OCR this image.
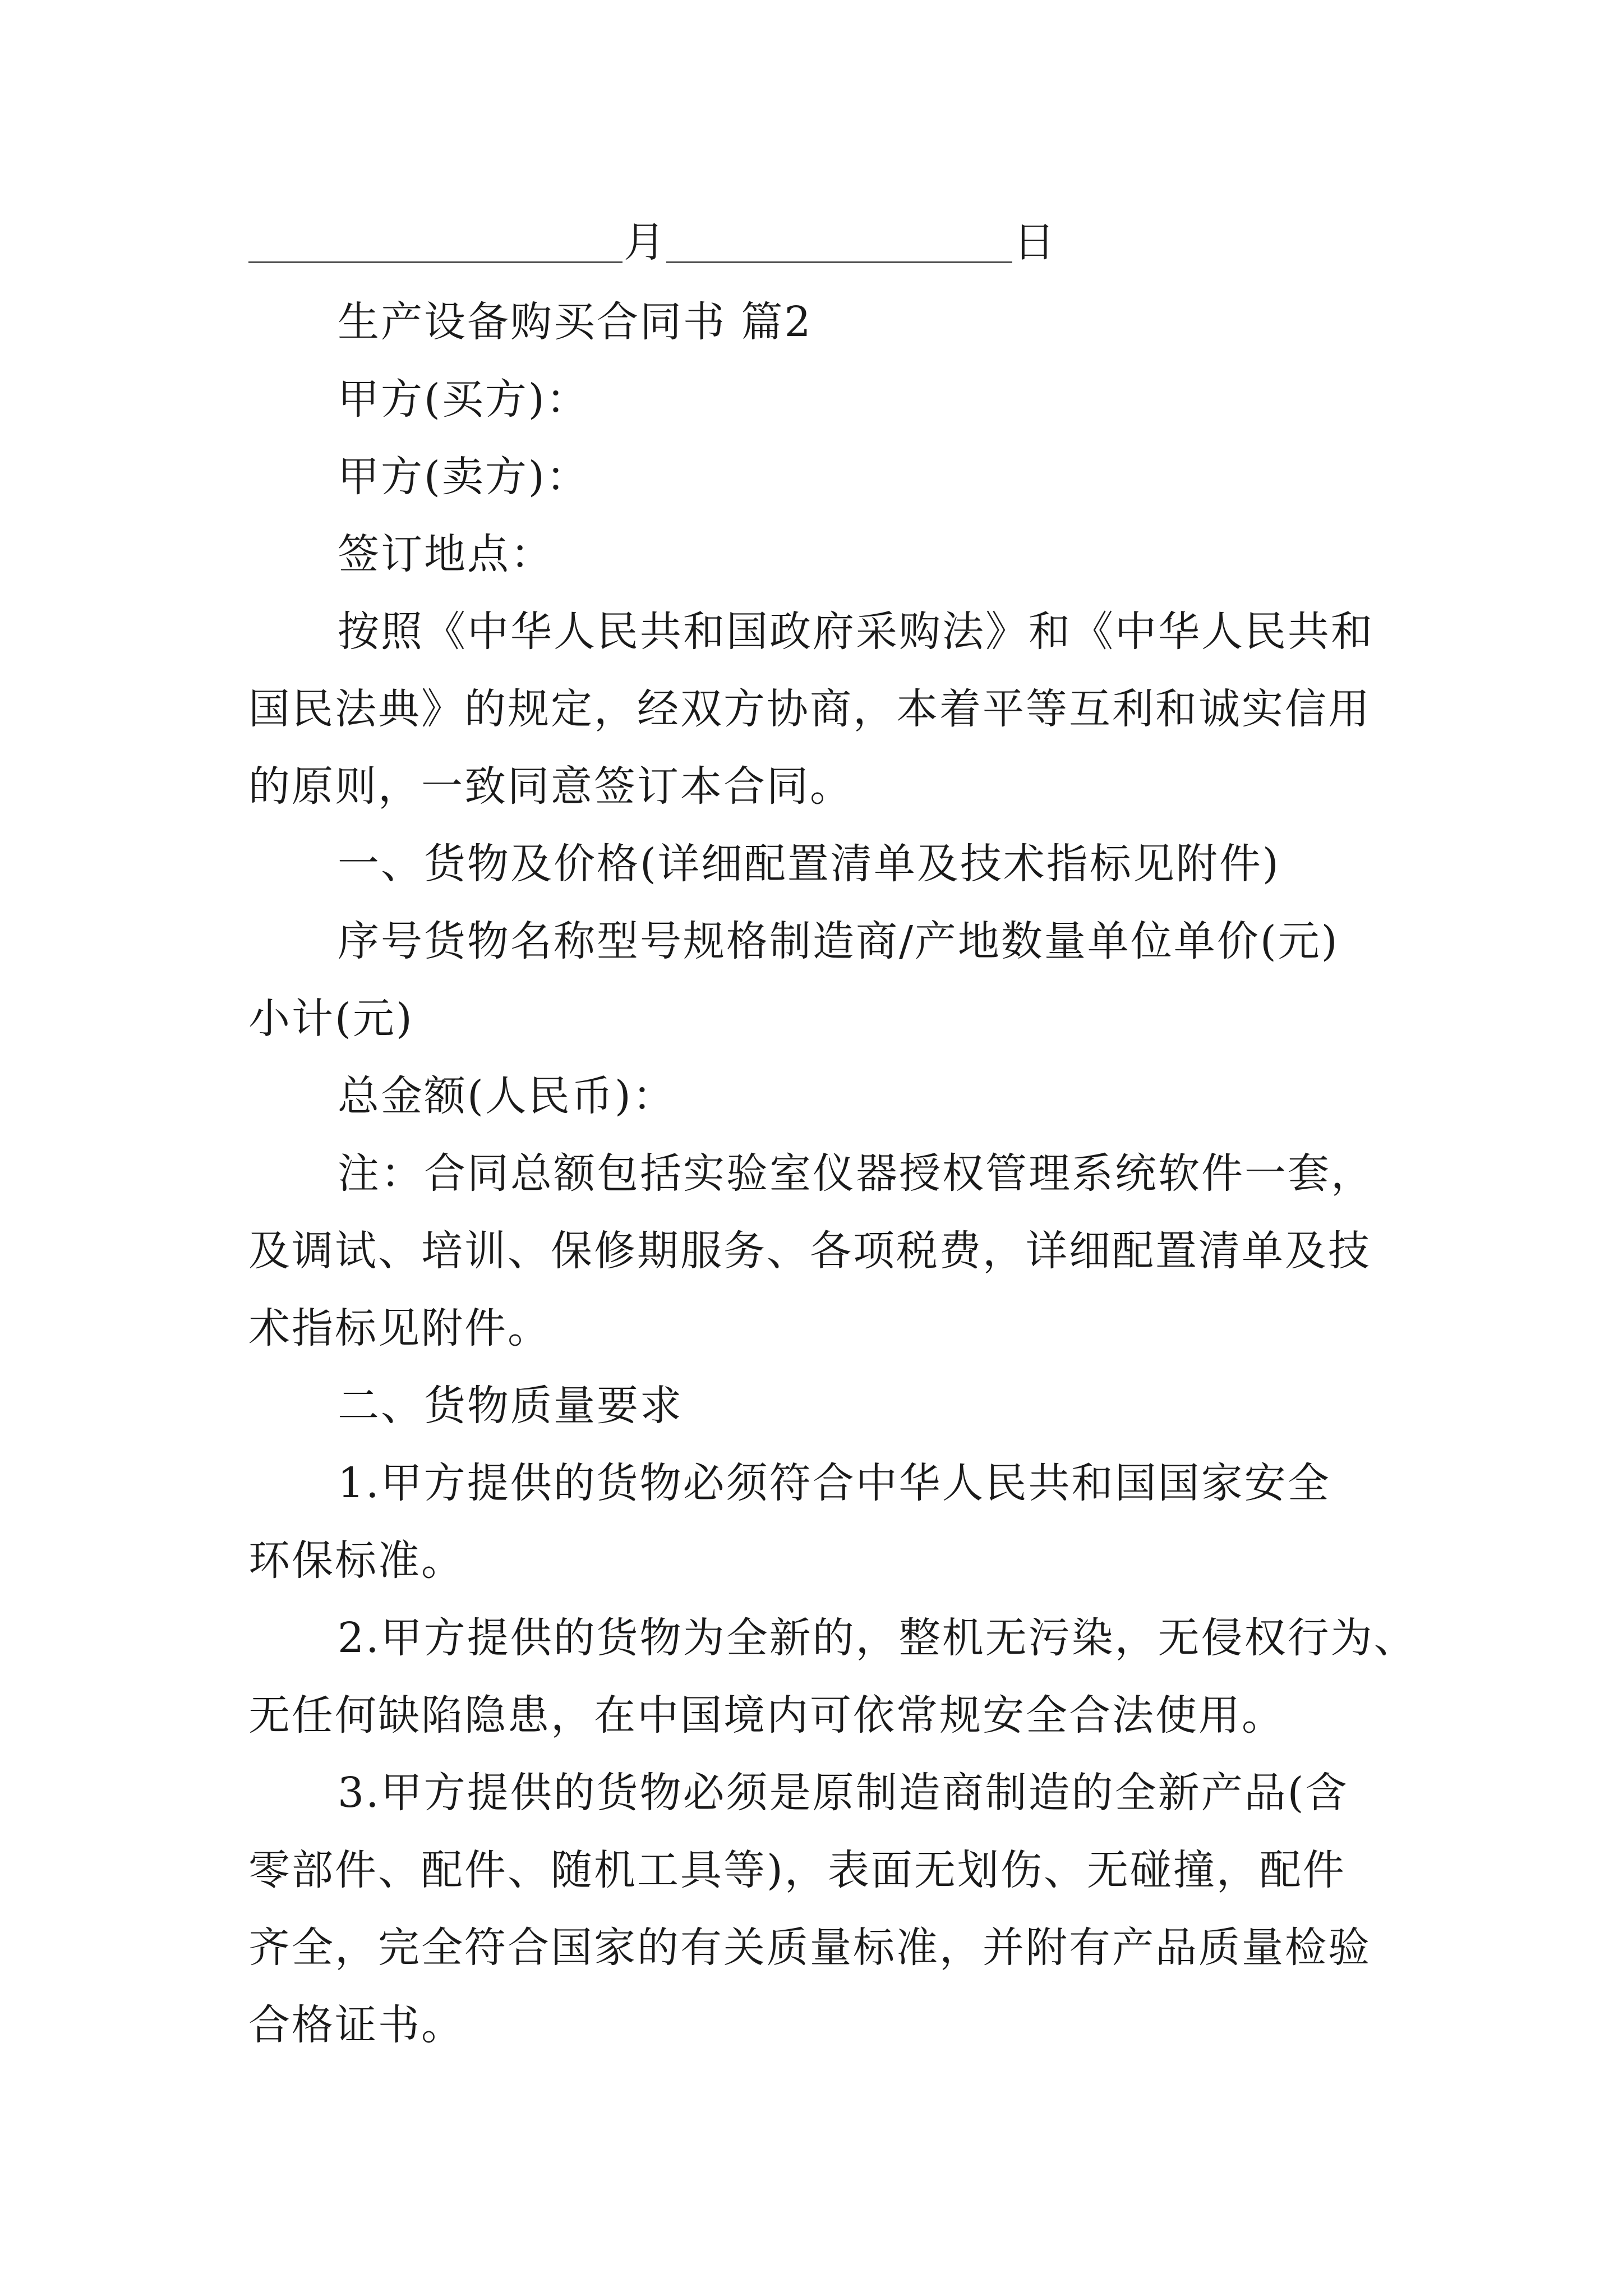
月	日
生产设备购买合同书 篇2
甲方(买方)：
甲方(卖方)：
签订地点：
按照《中华人民共和国政府采购法》和《中华人民共和
国民法典》的规定，经双方协商，本着平等互利和诚实信用
的原则，一致同意签订本合同。
一、货物及价格(详细配置清单及技术指标见附件)
序号货物名称型号规格制造商/产地数量单位单价(元)
小计(元)
总金额(人民币)：
注：合同总额包括实验室仪器授权管理系统软件一套，
及调试、培训、保修期服务、各项税费，详细配置清单及技
术指标见附件。
二、货物质量要求
1.甲方提供的货物必须符合中华人民共和国国家安全
环保标准。
2.甲方提供的货物为全新的，整机无污染，无侵权行为、
无任何缺陷隐患，在中国境内可依常规安全合法使用。
3.甲方提供的货物必须是原制造商制造的全新产品(含
零部件、配件、随机工具等)，表面无划伤、无碰撞，配件
齐全，完全符合国家的有关质量标准，并附有产品质量检验
合格证书。
